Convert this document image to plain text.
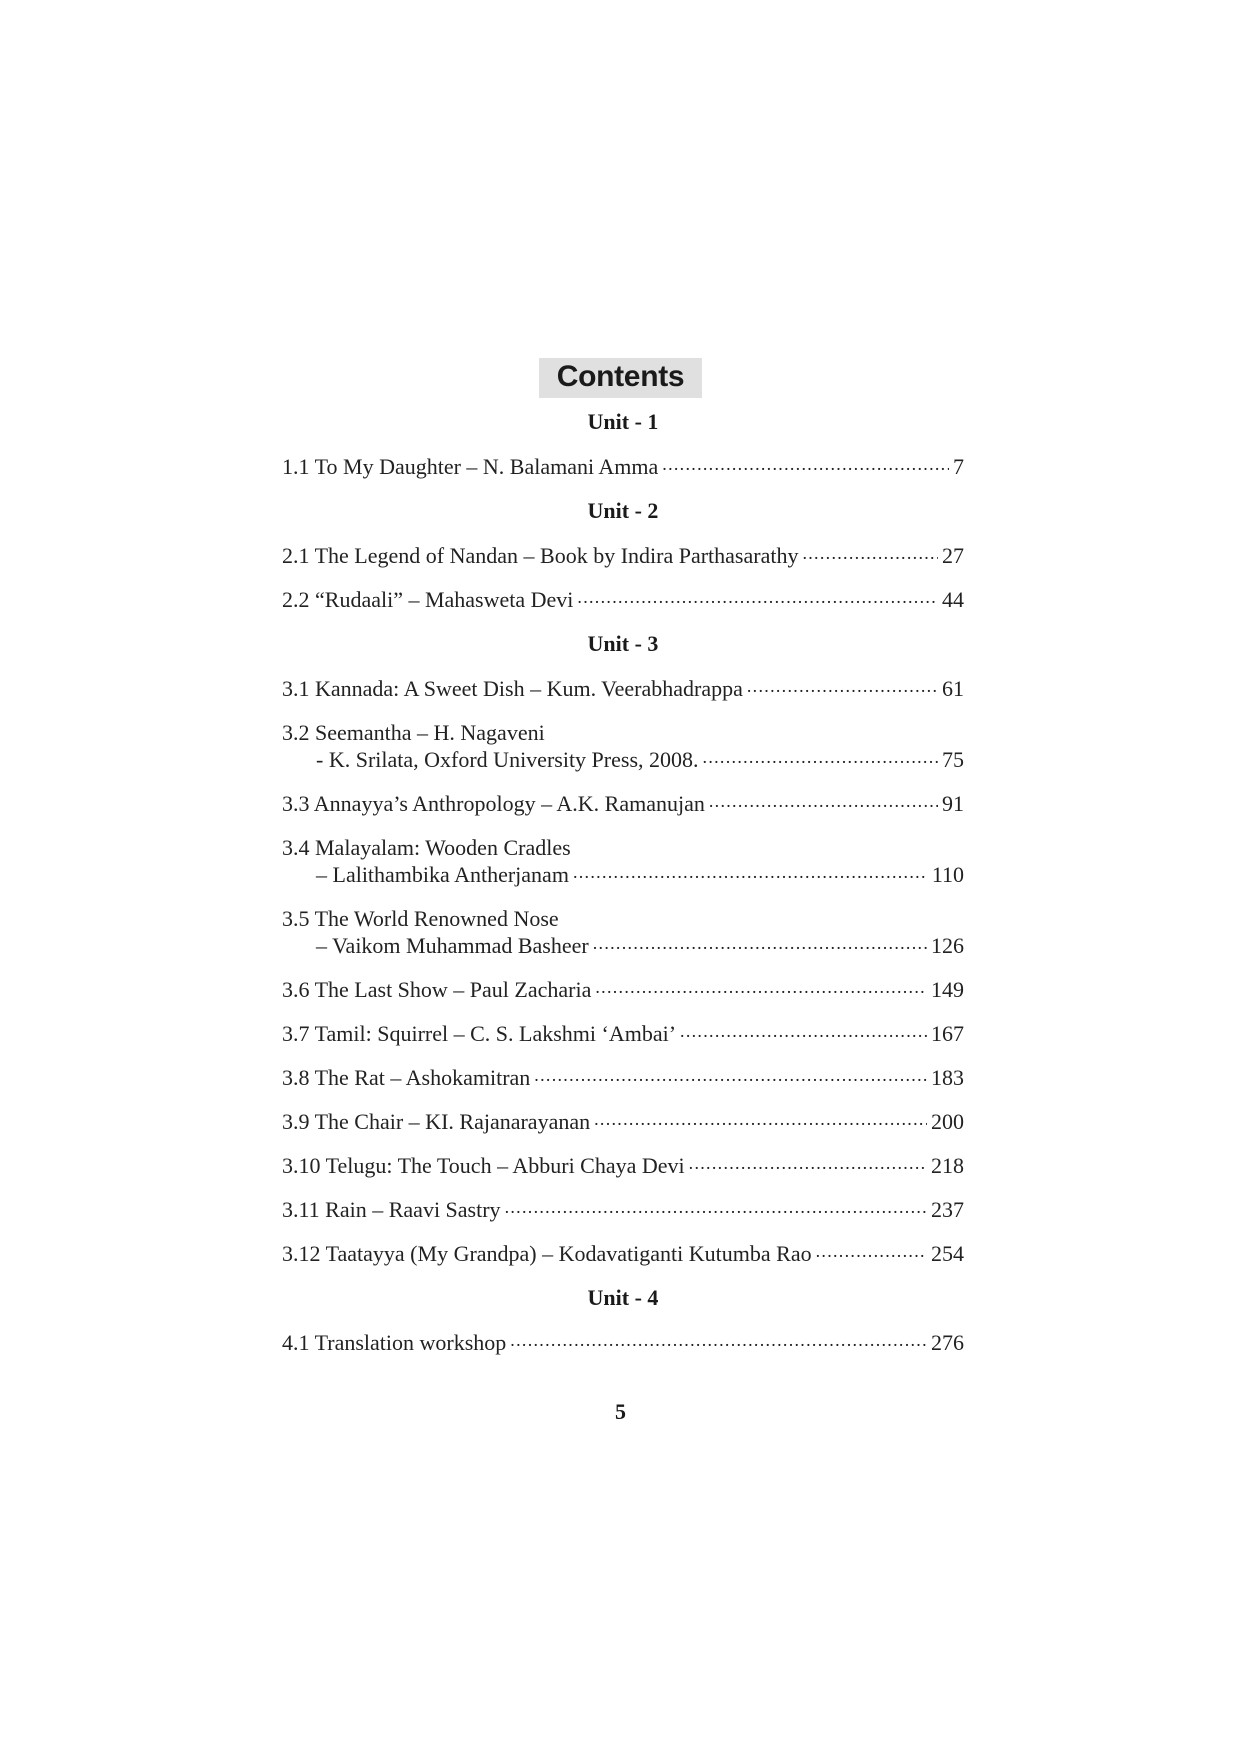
Contents
Unit - 1
1.1 To My Daughter – N. Balamani Amma . . .	7
Unit - 2
2.1 The Legend of Nandan – Book by Indira Parthasarathy . . .	27
2.2 “Rudaali” – Mahasweta Devi . . .	44
Unit - 3
3.1 Kannada: A Sweet Dish – Kum. Veerabhadrappa . . .	61
3.2 Seemantha – H. Nagaveni
- K. Srilata, Oxford University Press, 2008. . . .	75
3.3 Annayya’s Anthropology – A.K. Ramanujan . . .	91
3.4 Malayalam: Wooden Cradles
– Lalithambika Antherjanam . . .	110
3.5 The World Renowned Nose
– Vaikom Muhammad Basheer . . .	126
3.6 The Last Show – Paul Zacharia . . .	149
3.7 Tamil: Squirrel – C. S. Lakshmi ‘Ambai’ . . .	167
3.8 The Rat – Ashokamitran . . .	183
3.9 The Chair – KI. Rajanarayanan . . .	200
3.10 Telugu: The Touch – Abburi Chaya Devi . . .	218
3.11 Rain – Raavi Sastry . . .	237
3.12 Taatayya (My Grandpa) – Kodavatiganti Kutumba Rao . . .	254
Unit - 4
4.1 Translation workshop . . .	276
5
